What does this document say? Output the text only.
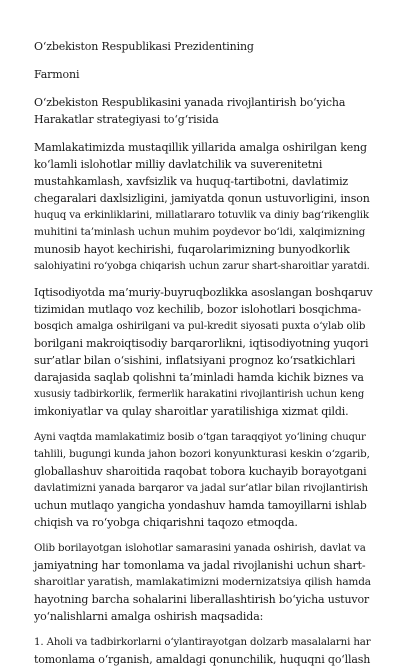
O‘zbekiston Respublikasi Prezidentining

Farmoni

O‘zbekiston Respublikasini yanada rivojlantirish bo‘yicha

Harakatlar strategiyasi to‘g‘risida

Mamlakatimizda mustaqillik yillarida amalga oshirilgan keng

ko‘lamli islohotlar milliy davlatchilik va suverenitetni

mustahkamlash, xavfsizlik va huquq-tartibotni, davlatimiz

chegaralari daxlsizligini, jamiyatda qonun ustuvorligini, inson

huquq va erkinliklarini, millatlararo totuvlik va diniy bag‘rikenglik

muhitini ta’minlash uchun muhim poydevor bo‘ldi, xalqimizning

munosib hayot kechirishi, fuqarolarimizning bunyodkorlik

salohiyatini ro‘yobga chiqarish uchun zarur shart-sharoitlar yaratdi.

Iqtisodiyotda ma’muriy-buyruqbozlikka asoslangan boshqaruv

tizimidan mutlaqo voz kechilib, bozor islohotlari bosqichma-

bosqich amalga oshirilgani va pul-kredit siyosati puxta o‘ylab olib

borilgani makroiqtisodiy barqarorlikni, iqtisodiyotning yuqori

sur’atlar bilan o‘sishini, inflatsiyani prognoz ko‘rsatkichlari

darajasida saqlab qolishni ta’minladi hamda kichik biznes va

xususiy tadbirkorlik, fermerlik harakatini rivojlantirish uchun keng

imkoniyatlar va qulay sharoitlar yaratilishiga xizmat qildi.

Ayni vaqtda mamlakatimiz bosib o‘tgan taraqqiyot yo‘lining chuqur

tahlili, bugungi kunda jahon bozori konyunkturasi keskin o‘zgarib,

globallashuv sharoitida raqobat tobora kuchayib borayotgani

davlatimizni yanada barqaror va jadal sur’atlar bilan rivojlantirish

uchun mutlaqo yangicha yondashuv hamda tamoyillarni ishlab

chiqish va ro‘yobga chiqarishni taqozo etmoqda.

Olib borilayotgan islohotlar samarasini yanada oshirish, davlat va

jamiyatning har tomonlama va jadal rivojlanishi uchun shart-

sharoitlar yaratish, mamlakatimizni modernizatsiya qilish hamda

hayotning barcha sohalarini liberallashtirish bo‘yicha ustuvor

yo‘nalishlarni amalga oshirish maqsadida:

1. Aholi va tadbirkorlarni o‘ylantirayotgan dolzarb masalalarni har

tomonlama o‘rganish, amaldagi qonunchilik, huquqni qo‘llash
